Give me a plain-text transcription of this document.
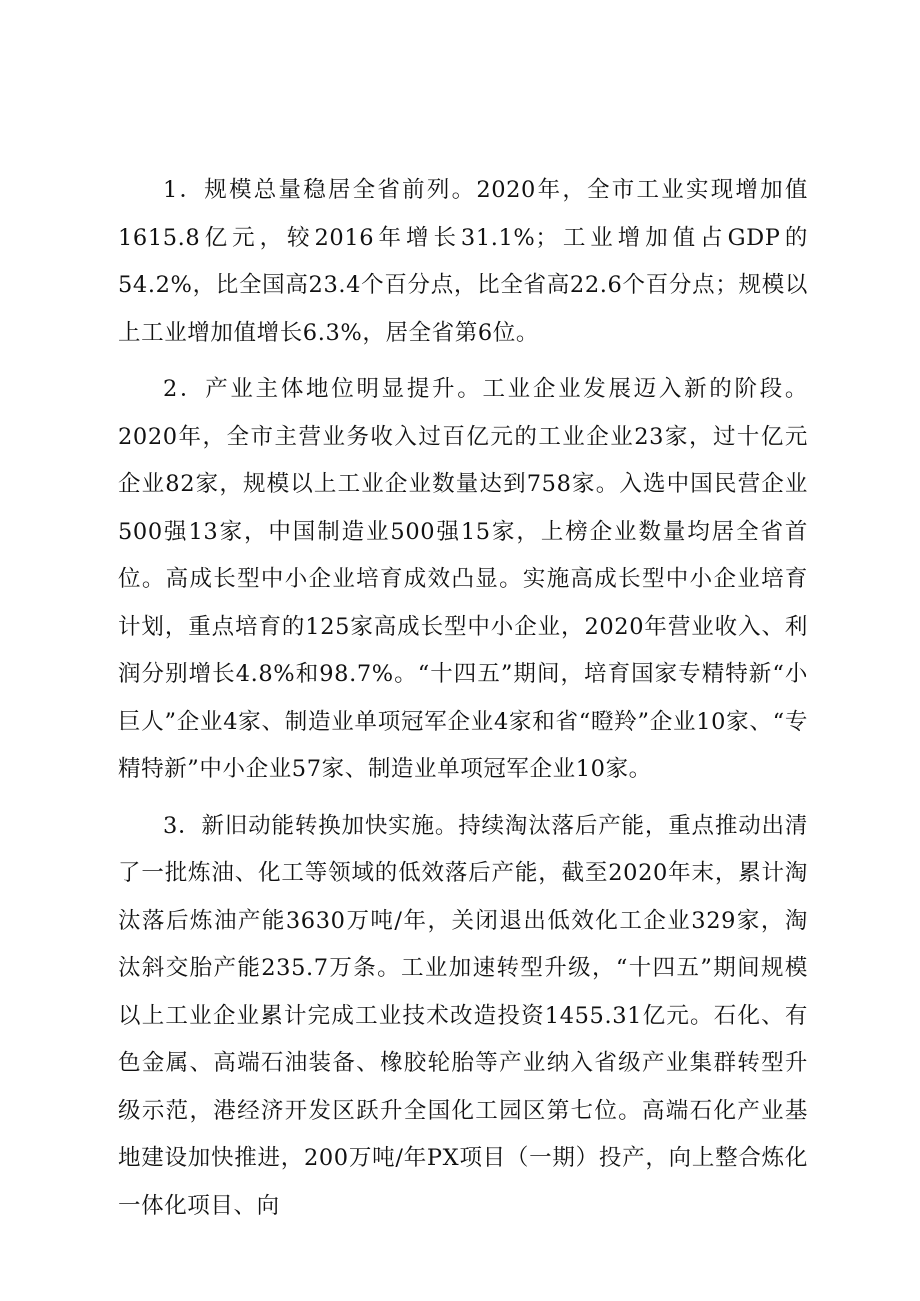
1．规模总量稳居全省前列。2020年，全市工业实现增加值1615.8亿元，较2016年增长31.1%；工业增加值占GDP的54.2%，比全国高23.4个百分点，比全省高22.6个百分点；规模以上工业增加值增长6.3%，居全省第6位。

2．产业主体地位明显提升。工业企业发展迈入新的阶段。2020年，全市主营业务收入过百亿元的工业企业23家，过十亿元企业82家，规模以上工业企业数量达到758家。入选中国民营企业500强13家，中国制造业500强15家，上榜企业数量均居全省首位。高成长型中小企业培育成效凸显。实施高成长型中小企业培育计划，重点培育的125家高成长型中小企业，2020年营业收入、利润分别增长4.8%和98.7%。“十四五”期间，培育国家专精特新“小巨人”企业4家、制造业单项冠军企业4家和省“瞪羚”企业10家、“专精特新”中小企业57家、制造业单项冠军企业10家。

3．新旧动能转换加快实施。持续淘汰落后产能，重点推动出清了一批炼油、化工等领域的低效落后产能，截至2020年末，累计淘汰落后炼油产能3630万吨/年，关闭退出低效化工企业329家，淘汰斜交胎产能235.7万条。工业加速转型升级，“十四五”期间规模以上工业企业累计完成工业技术改造投资1455.31亿元。石化、有色金属、高端石油装备、橡胶轮胎等产业纳入省级产业集群转型升级示范，港经济开发区跃升全国化工园区第七位。高端石化产业基地建设加快推进，200万吨/年PX项目（一期）投产，向上整合炼化一体化项目、向
